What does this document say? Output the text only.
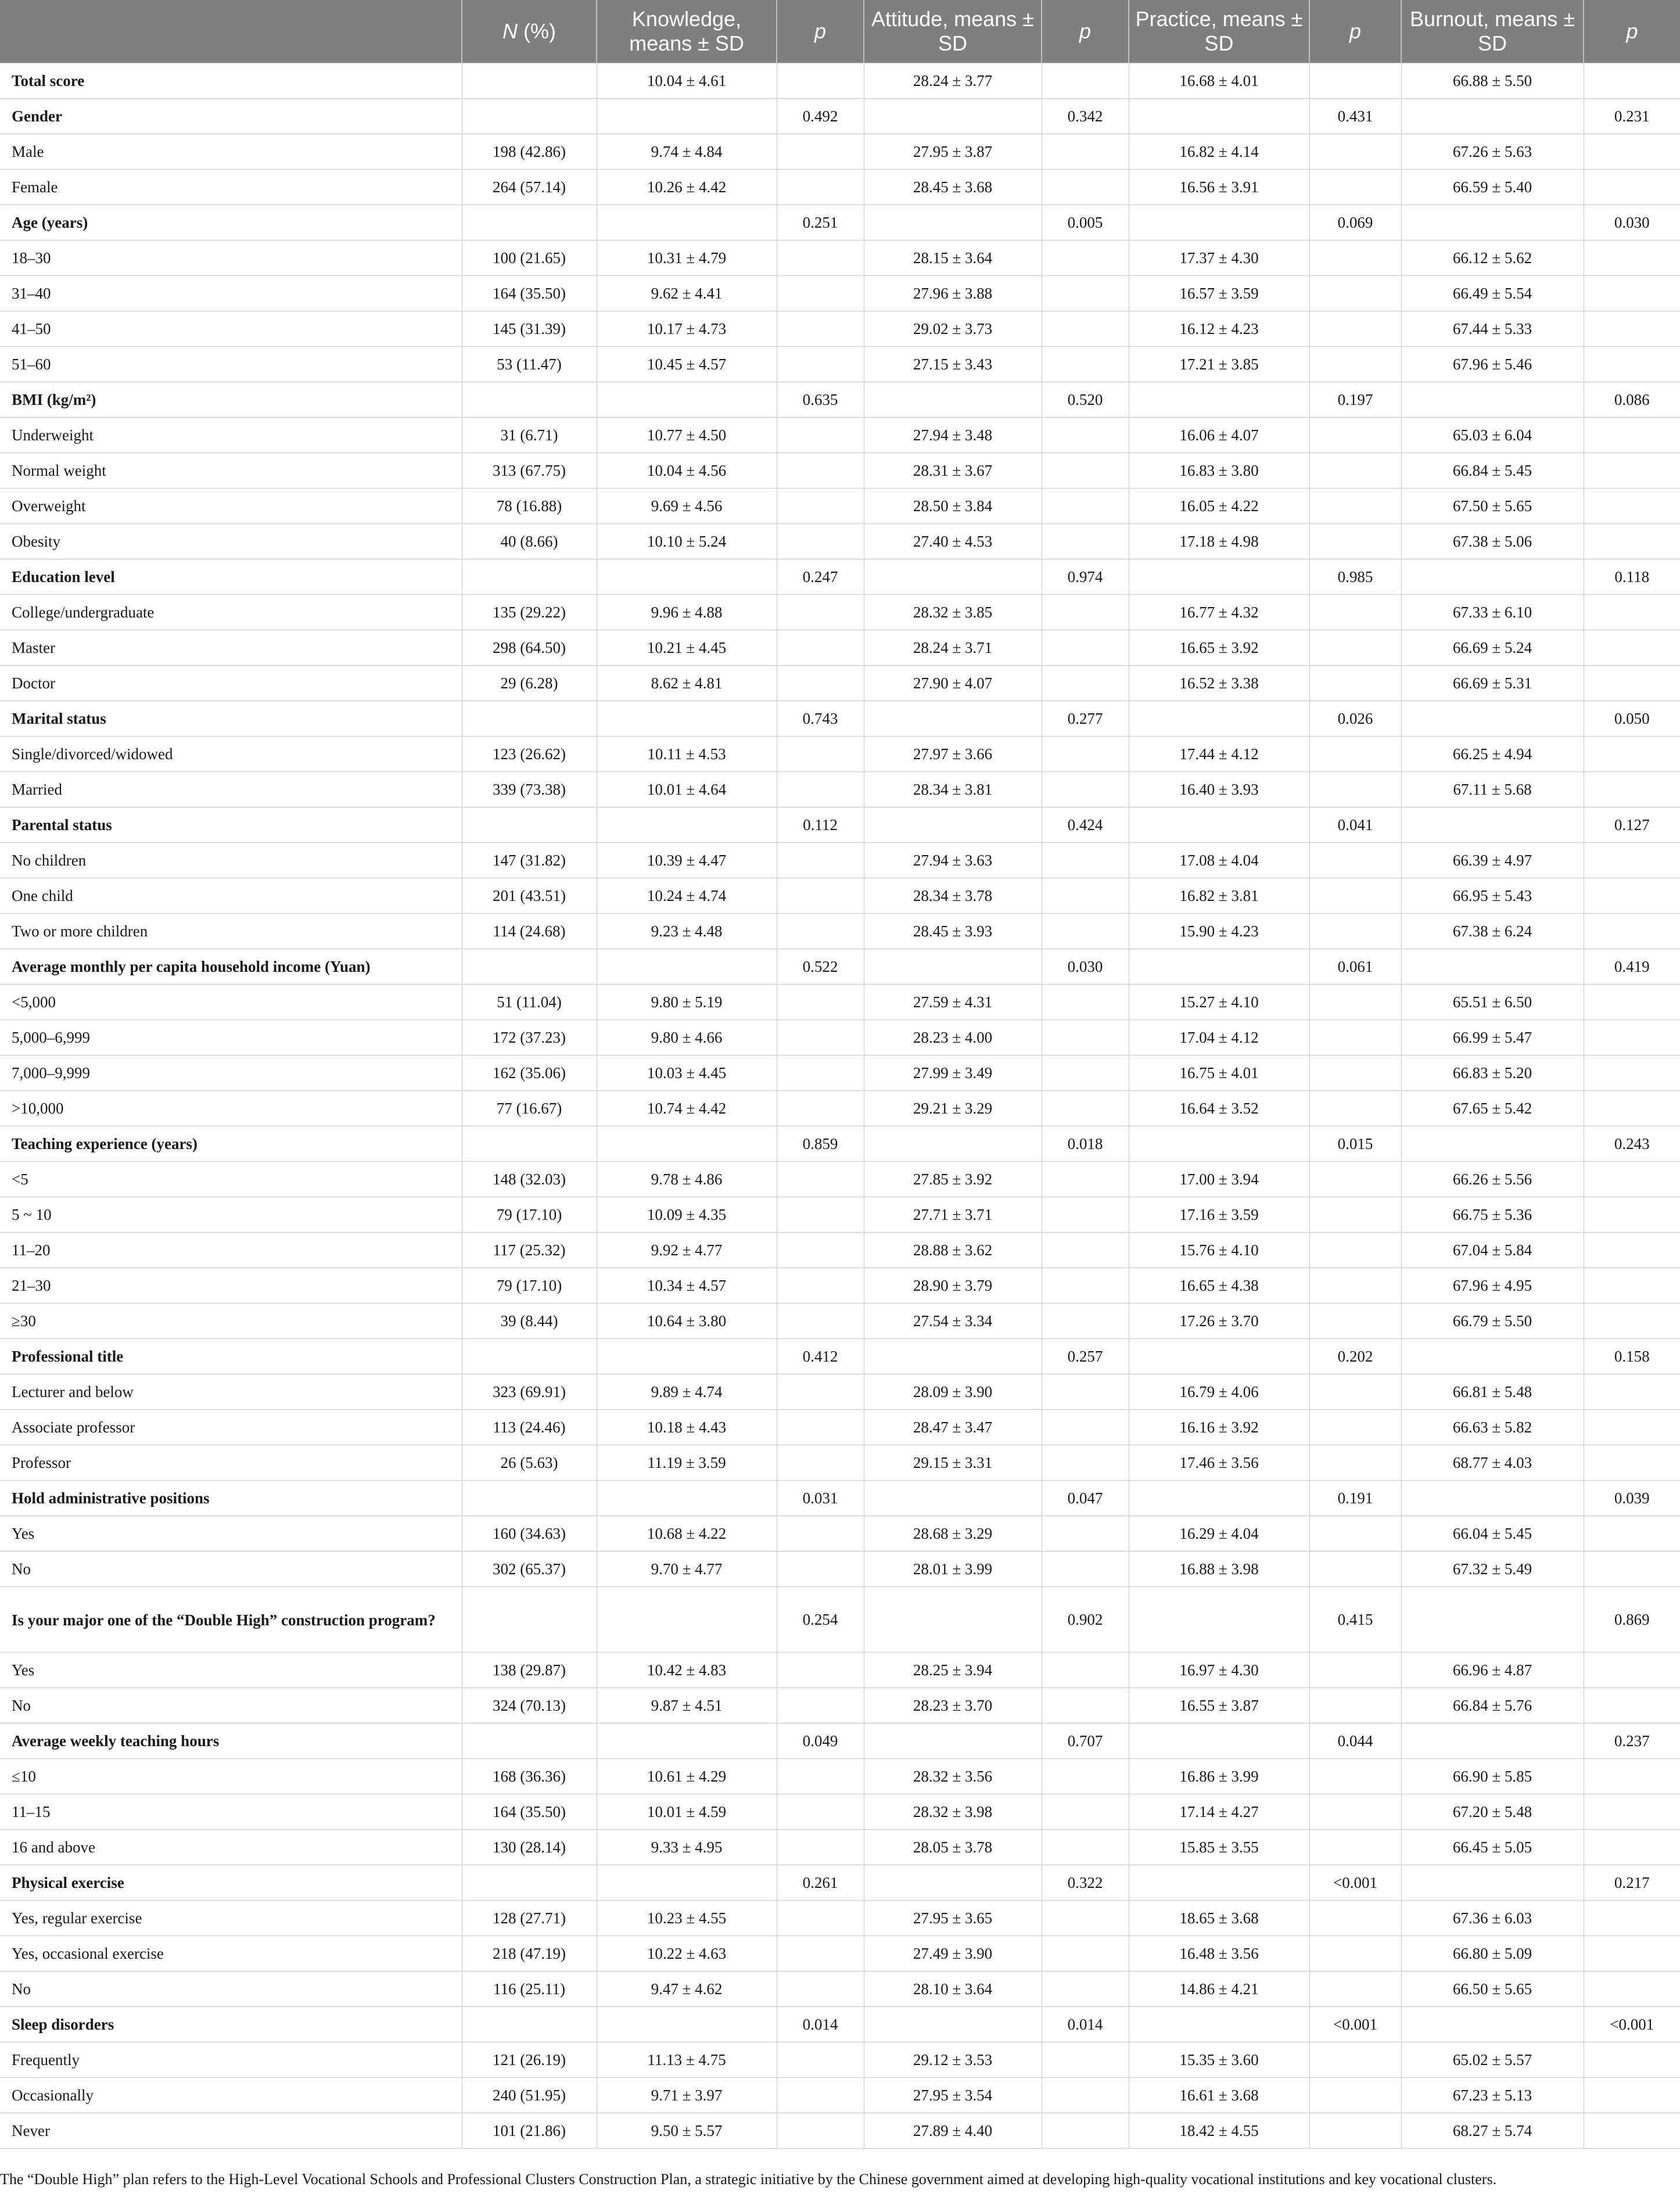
	N (%)	Knowledge, means ± SD	p	Attitude, means ± SD	p	Practice, means ± SD	p	Burnout, means ± SD	p
Total score		10.04 ± 4.61		28.24 ± 3.77		16.68 ± 4.01		66.88 ± 5.50	
Gender			0.492		0.342		0.431		0.231
Male	198 (42.86)	9.74 ± 4.84		27.95 ± 3.87		16.82 ± 4.14		67.26 ± 5.63	
Female	264 (57.14)	10.26 ± 4.42		28.45 ± 3.68		16.56 ± 3.91		66.59 ± 5.40	
Age (years)			0.251		0.005		0.069		0.030
18–30	100 (21.65)	10.31 ± 4.79		28.15 ± 3.64		17.37 ± 4.30		66.12 ± 5.62	
31–40	164 (35.50)	9.62 ± 4.41		27.96 ± 3.88		16.57 ± 3.59		66.49 ± 5.54	
41–50	145 (31.39)	10.17 ± 4.73		29.02 ± 3.73		16.12 ± 4.23		67.44 ± 5.33	
51–60	53 (11.47)	10.45 ± 4.57		27.15 ± 3.43		17.21 ± 3.85		67.96 ± 5.46	
BMI (kg/m²)			0.635		0.520		0.197		0.086
Underweight	31 (6.71)	10.77 ± 4.50		27.94 ± 3.48		16.06 ± 4.07		65.03 ± 6.04	
Normal weight	313 (67.75)	10.04 ± 4.56		28.31 ± 3.67		16.83 ± 3.80		66.84 ± 5.45	
Overweight	78 (16.88)	9.69 ± 4.56		28.50 ± 3.84		16.05 ± 4.22		67.50 ± 5.65	
Obesity	40 (8.66)	10.10 ± 5.24		27.40 ± 4.53		17.18 ± 4.98		67.38 ± 5.06	
Education level			0.247		0.974		0.985		0.118
College/undergraduate	135 (29.22)	9.96 ± 4.88		28.32 ± 3.85		16.77 ± 4.32		67.33 ± 6.10	
Master	298 (64.50)	10.21 ± 4.45		28.24 ± 3.71		16.65 ± 3.92		66.69 ± 5.24	
Doctor	29 (6.28)	8.62 ± 4.81		27.90 ± 4.07		16.52 ± 3.38		66.69 ± 5.31	
Marital status			0.743		0.277		0.026		0.050
Single/divorced/widowed	123 (26.62)	10.11 ± 4.53		27.97 ± 3.66		17.44 ± 4.12		66.25 ± 4.94	
Married	339 (73.38)	10.01 ± 4.64		28.34 ± 3.81		16.40 ± 3.93		67.11 ± 5.68	
Parental status			0.112		0.424		0.041		0.127
No children	147 (31.82)	10.39 ± 4.47		27.94 ± 3.63		17.08 ± 4.04		66.39 ± 4.97	
One child	201 (43.51)	10.24 ± 4.74		28.34 ± 3.78		16.82 ± 3.81		66.95 ± 5.43	
Two or more children	114 (24.68)	9.23 ± 4.48		28.45 ± 3.93		15.90 ± 4.23		67.38 ± 6.24	
Average monthly per capita household income (Yuan)			0.522		0.030		0.061		0.419
<5,000	51 (11.04)	9.80 ± 5.19		27.59 ± 4.31		15.27 ± 4.10		65.51 ± 6.50	
5,000–6,999	172 (37.23)	9.80 ± 4.66		28.23 ± 4.00		17.04 ± 4.12		66.99 ± 5.47	
7,000–9,999	162 (35.06)	10.03 ± 4.45		27.99 ± 3.49		16.75 ± 4.01		66.83 ± 5.20	
>10,000	77 (16.67)	10.74 ± 4.42		29.21 ± 3.29		16.64 ± 3.52		67.65 ± 5.42	
Teaching experience (years)			0.859		0.018		0.015		0.243
<5	148 (32.03)	9.78 ± 4.86		27.85 ± 3.92		17.00 ± 3.94		66.26 ± 5.56	
5 ~ 10	79 (17.10)	10.09 ± 4.35		27.71 ± 3.71		17.16 ± 3.59		66.75 ± 5.36	
11–20	117 (25.32)	9.92 ± 4.77		28.88 ± 3.62		15.76 ± 4.10		67.04 ± 5.84	
21–30	79 (17.10)	10.34 ± 4.57		28.90 ± 3.79		16.65 ± 4.38		67.96 ± 4.95	
≥30	39 (8.44)	10.64 ± 3.80		27.54 ± 3.34		17.26 ± 3.70		66.79 ± 5.50	
Professional title			0.412		0.257		0.202		0.158
Lecturer and below	323 (69.91)	9.89 ± 4.74		28.09 ± 3.90		16.79 ± 4.06		66.81 ± 5.48	
Associate professor	113 (24.46)	10.18 ± 4.43		28.47 ± 3.47		16.16 ± 3.92		66.63 ± 5.82	
Professor	26 (5.63)	11.19 ± 3.59		29.15 ± 3.31		17.46 ± 3.56		68.77 ± 4.03	
Hold administrative positions			0.031		0.047		0.191		0.039
Yes	160 (34.63)	10.68 ± 4.22		28.68 ± 3.29		16.29 ± 4.04		66.04 ± 5.45	
No	302 (65.37)	9.70 ± 4.77		28.01 ± 3.99		16.88 ± 3.98		67.32 ± 5.49	
Is your major one of the “Double High” construction program?			0.254		0.902		0.415		0.869
Yes	138 (29.87)	10.42 ± 4.83		28.25 ± 3.94		16.97 ± 4.30		66.96 ± 4.87	
No	324 (70.13)	9.87 ± 4.51		28.23 ± 3.70		16.55 ± 3.87		66.84 ± 5.76	
Average weekly teaching hours			0.049		0.707		0.044		0.237
≤10	168 (36.36)	10.61 ± 4.29		28.32 ± 3.56		16.86 ± 3.99		66.90 ± 5.85	
11–15	164 (35.50)	10.01 ± 4.59		28.32 ± 3.98		17.14 ± 4.27		67.20 ± 5.48	
16 and above	130 (28.14)	9.33 ± 4.95		28.05 ± 3.78		15.85 ± 3.55		66.45 ± 5.05	
Physical exercise			0.261		0.322		<0.001		0.217
Yes, regular exercise	128 (27.71)	10.23 ± 4.55		27.95 ± 3.65		18.65 ± 3.68		67.36 ± 6.03	
Yes, occasional exercise	218 (47.19)	10.22 ± 4.63		27.49 ± 3.90		16.48 ± 3.56		66.80 ± 5.09	
No	116 (25.11)	9.47 ± 4.62		28.10 ± 3.64		14.86 ± 4.21		66.50 ± 5.65	
Sleep disorders			0.014		0.014		<0.001		<0.001
Frequently	121 (26.19)	11.13 ± 4.75		29.12 ± 3.53		15.35 ± 3.60		65.02 ± 5.57	
Occasionally	240 (51.95)	9.71 ± 3.97		27.95 ± 3.54		16.61 ± 3.68		67.23 ± 5.13	
Never	101 (21.86)	9.50 ± 5.57		27.89 ± 4.40		18.42 ± 4.55		68.27 ± 5.74	
The “Double High” plan refers to the High-Level Vocational Schools and Professional Clusters Construction Plan, a strategic initiative by the Chinese government aimed at developing high-quality vocational institutions and key vocational clusters.
